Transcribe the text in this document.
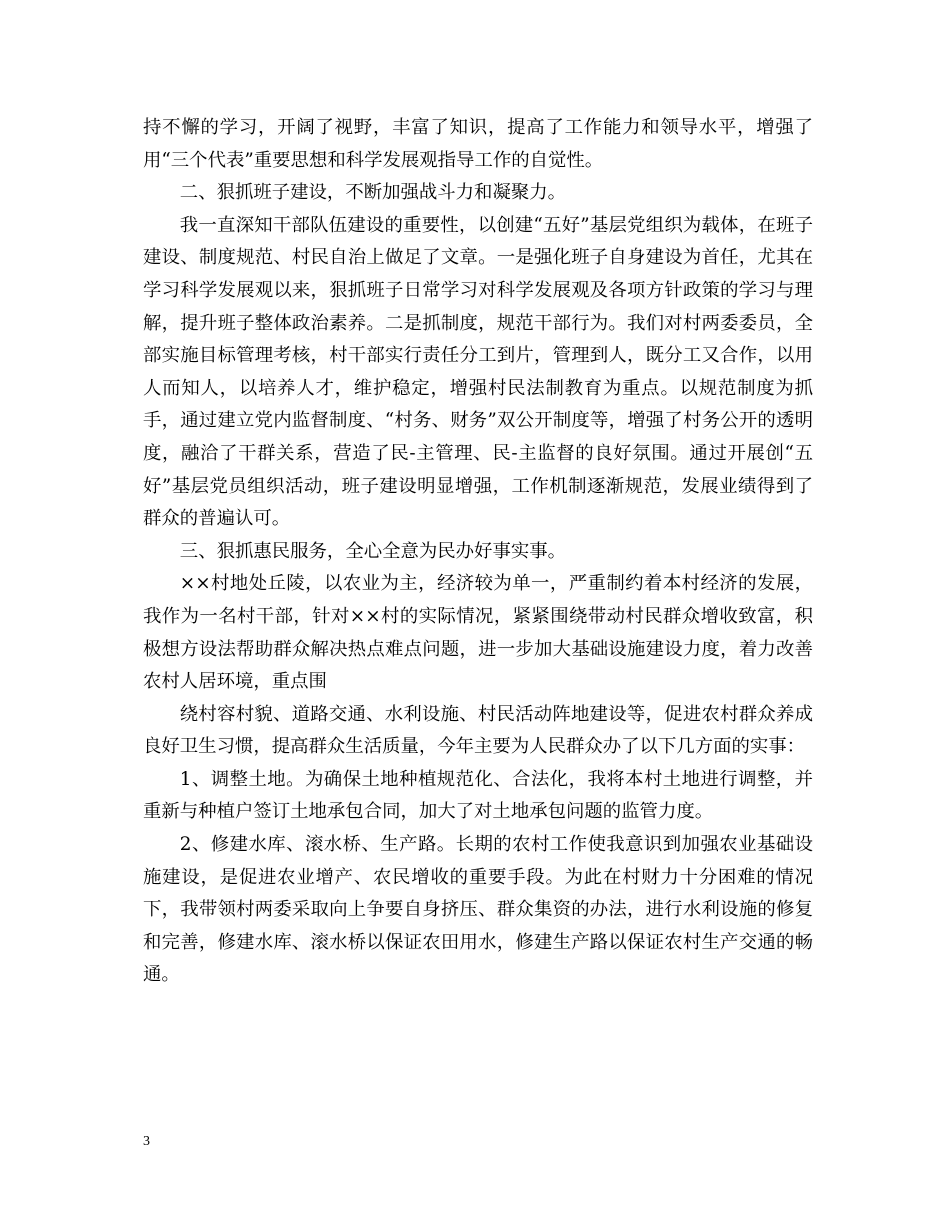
持不懈的学习，开阔了视野，丰富了知识，提高了工作能力和领导水平，增强了用“三个代表”重要思想和科学发展观指导工作的自觉性。

二、狠抓班子建设，不断加强战斗力和凝聚力。

我一直深知干部队伍建设的重要性，以创建“五好”基层党组织为载体，在班子建设、制度规范、村民自治上做足了文章。一是强化班子自身建设为首任，尤其在学习科学发展观以来，狠抓班子日常学习对科学发展观及各项方针政策的学习与理解，提升班子整体政治素养。二是抓制度，规范干部行为。我们对村两委委员，全部实施目标管理考核，村干部实行责任分工到片，管理到人，既分工又合作，以用人而知人，以培养人才，维护稳定，增强村民法制教育为重点。以规范制度为抓手，通过建立党内监督制度、“村务、财务”双公开制度等，增强了村务公开的透明度，融洽了干群关系，营造了民-主管理、民-主监督的良好氛围。通过开展创“五好”基层党员组织活动，班子建设明显增强，工作机制逐渐规范，发展业绩得到了群众的普遍认可。

三、狠抓惠民服务，全心全意为民办好事实事。

××村地处丘陵，以农业为主，经济较为单一，严重制约着本村经济的发展，我作为一名村干部，针对××村的实际情况，紧紧围绕带动村民群众增收致富，积极想方设法帮助群众解决热点难点问题，进一步加大基础设施建设力度，着力改善农村人居环境，重点围

绕村容村貌、道路交通、水利设施、村民活动阵地建设等，促进农村群众养成良好卫生习惯，提高群众生活质量，今年主要为人民群众办了以下几方面的实事：

1、调整土地。为确保土地种植规范化、合法化，我将本村土地进行调整，并重新与种植户签订土地承包合同，加大了对土地承包问题的监管力度。

2、修建水库、滚水桥、生产路。长期的农村工作使我意识到加强农业基础设施建设，是促进农业增产、农民增收的重要手段。为此在村财力十分困难的情况下，我带领村两委采取向上争要自身挤压、群众集资的办法，进行水利设施的修复和完善，修建水库、滚水桥以保证农田用水，修建生产路以保证农村生产交通的畅通。

3
